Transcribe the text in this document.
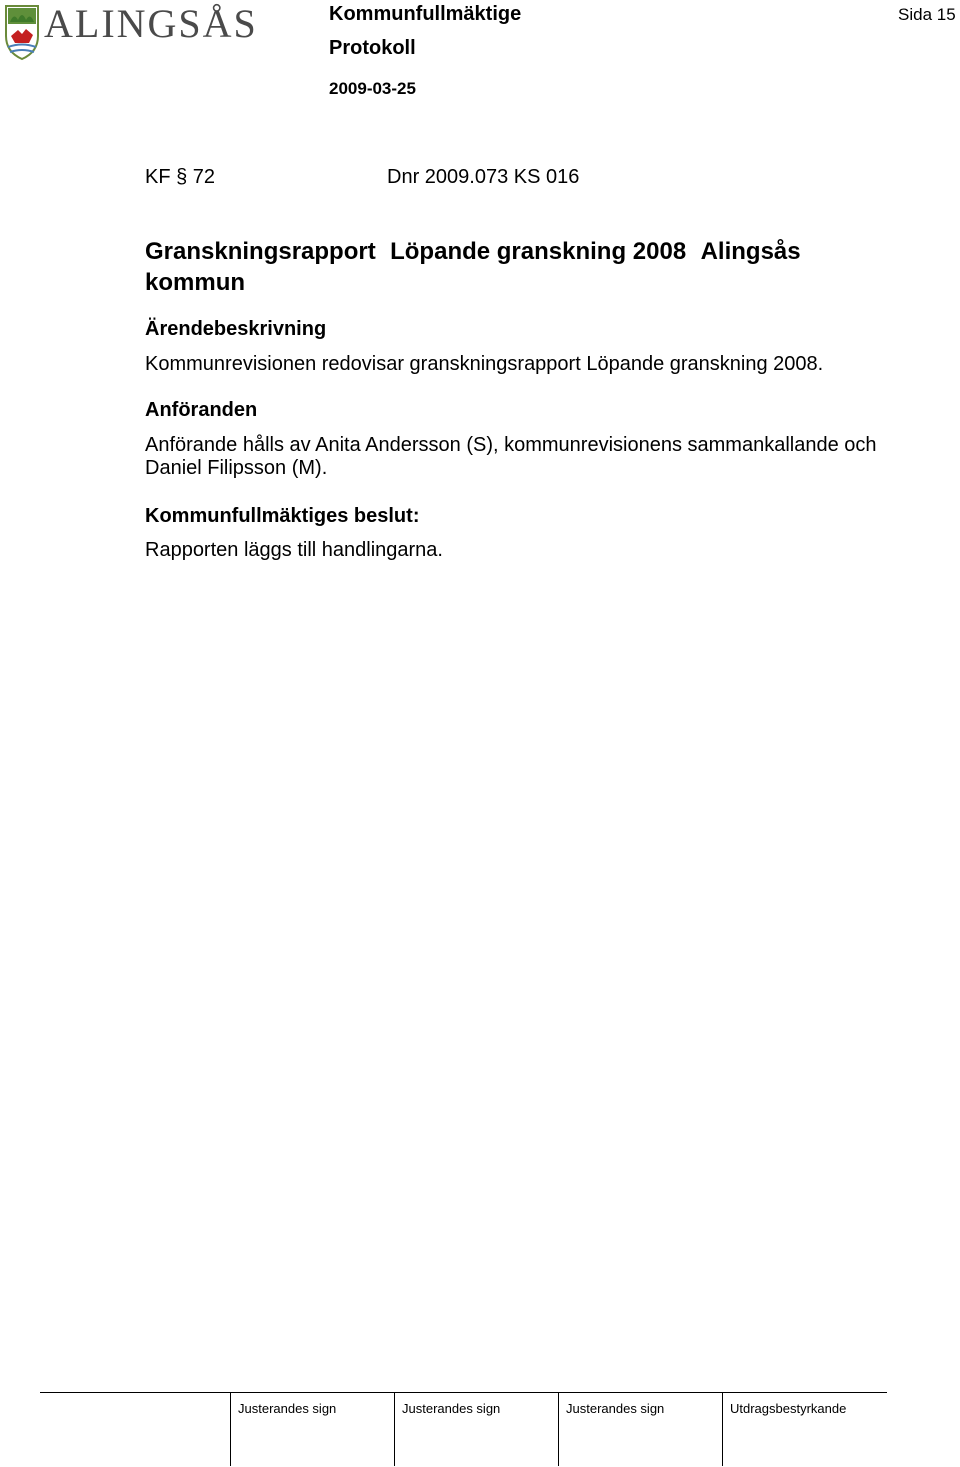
ALINGSÅS	Kommunfullmäktige
Protokoll
2009-03-25
Sida 15
KF § 72	Dnr 2009.073 KS 016
Granskningsrapport Löpande granskning 2008 Alingsås kommun
Ärendebeskrivning
Kommunrevisionen redovisar granskningsrapport Löpande granskning 2008.
Anföranden
Anförande hålls av Anita Andersson (S), kommunrevisionens sammankallande och Daniel Filipsson (M).
Kommunfullmäktiges beslut:
Rapporten läggs till handlingarna.
Justerandes sign	Justerandes sign	Justerandes sign	Utdragsbestyrkande
